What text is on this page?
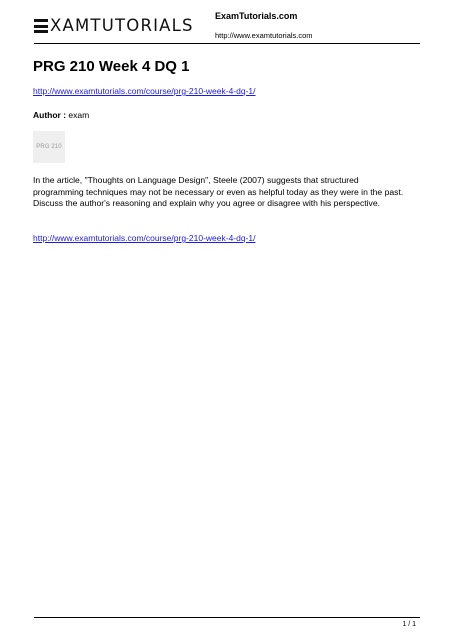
XAMTUTORIALS ExamTutorials.com
http://www.examtutorials.com
PRG 210 Week 4 DQ 1
http://www.examtutorials.com/course/prg-210-week-4-dq-1/
Author : exam
PRG 210

In the article, "Thoughts on Language Design", Steele (2007) suggests that structured programming techniques may not be necessary or even as helpful today as they were in the past. Discuss the author's reasoning and explain why you agree or disagree with his perspective.

http://www.examtutorials.com/course/prg-210-week-4-dq-1/
1 / 1
